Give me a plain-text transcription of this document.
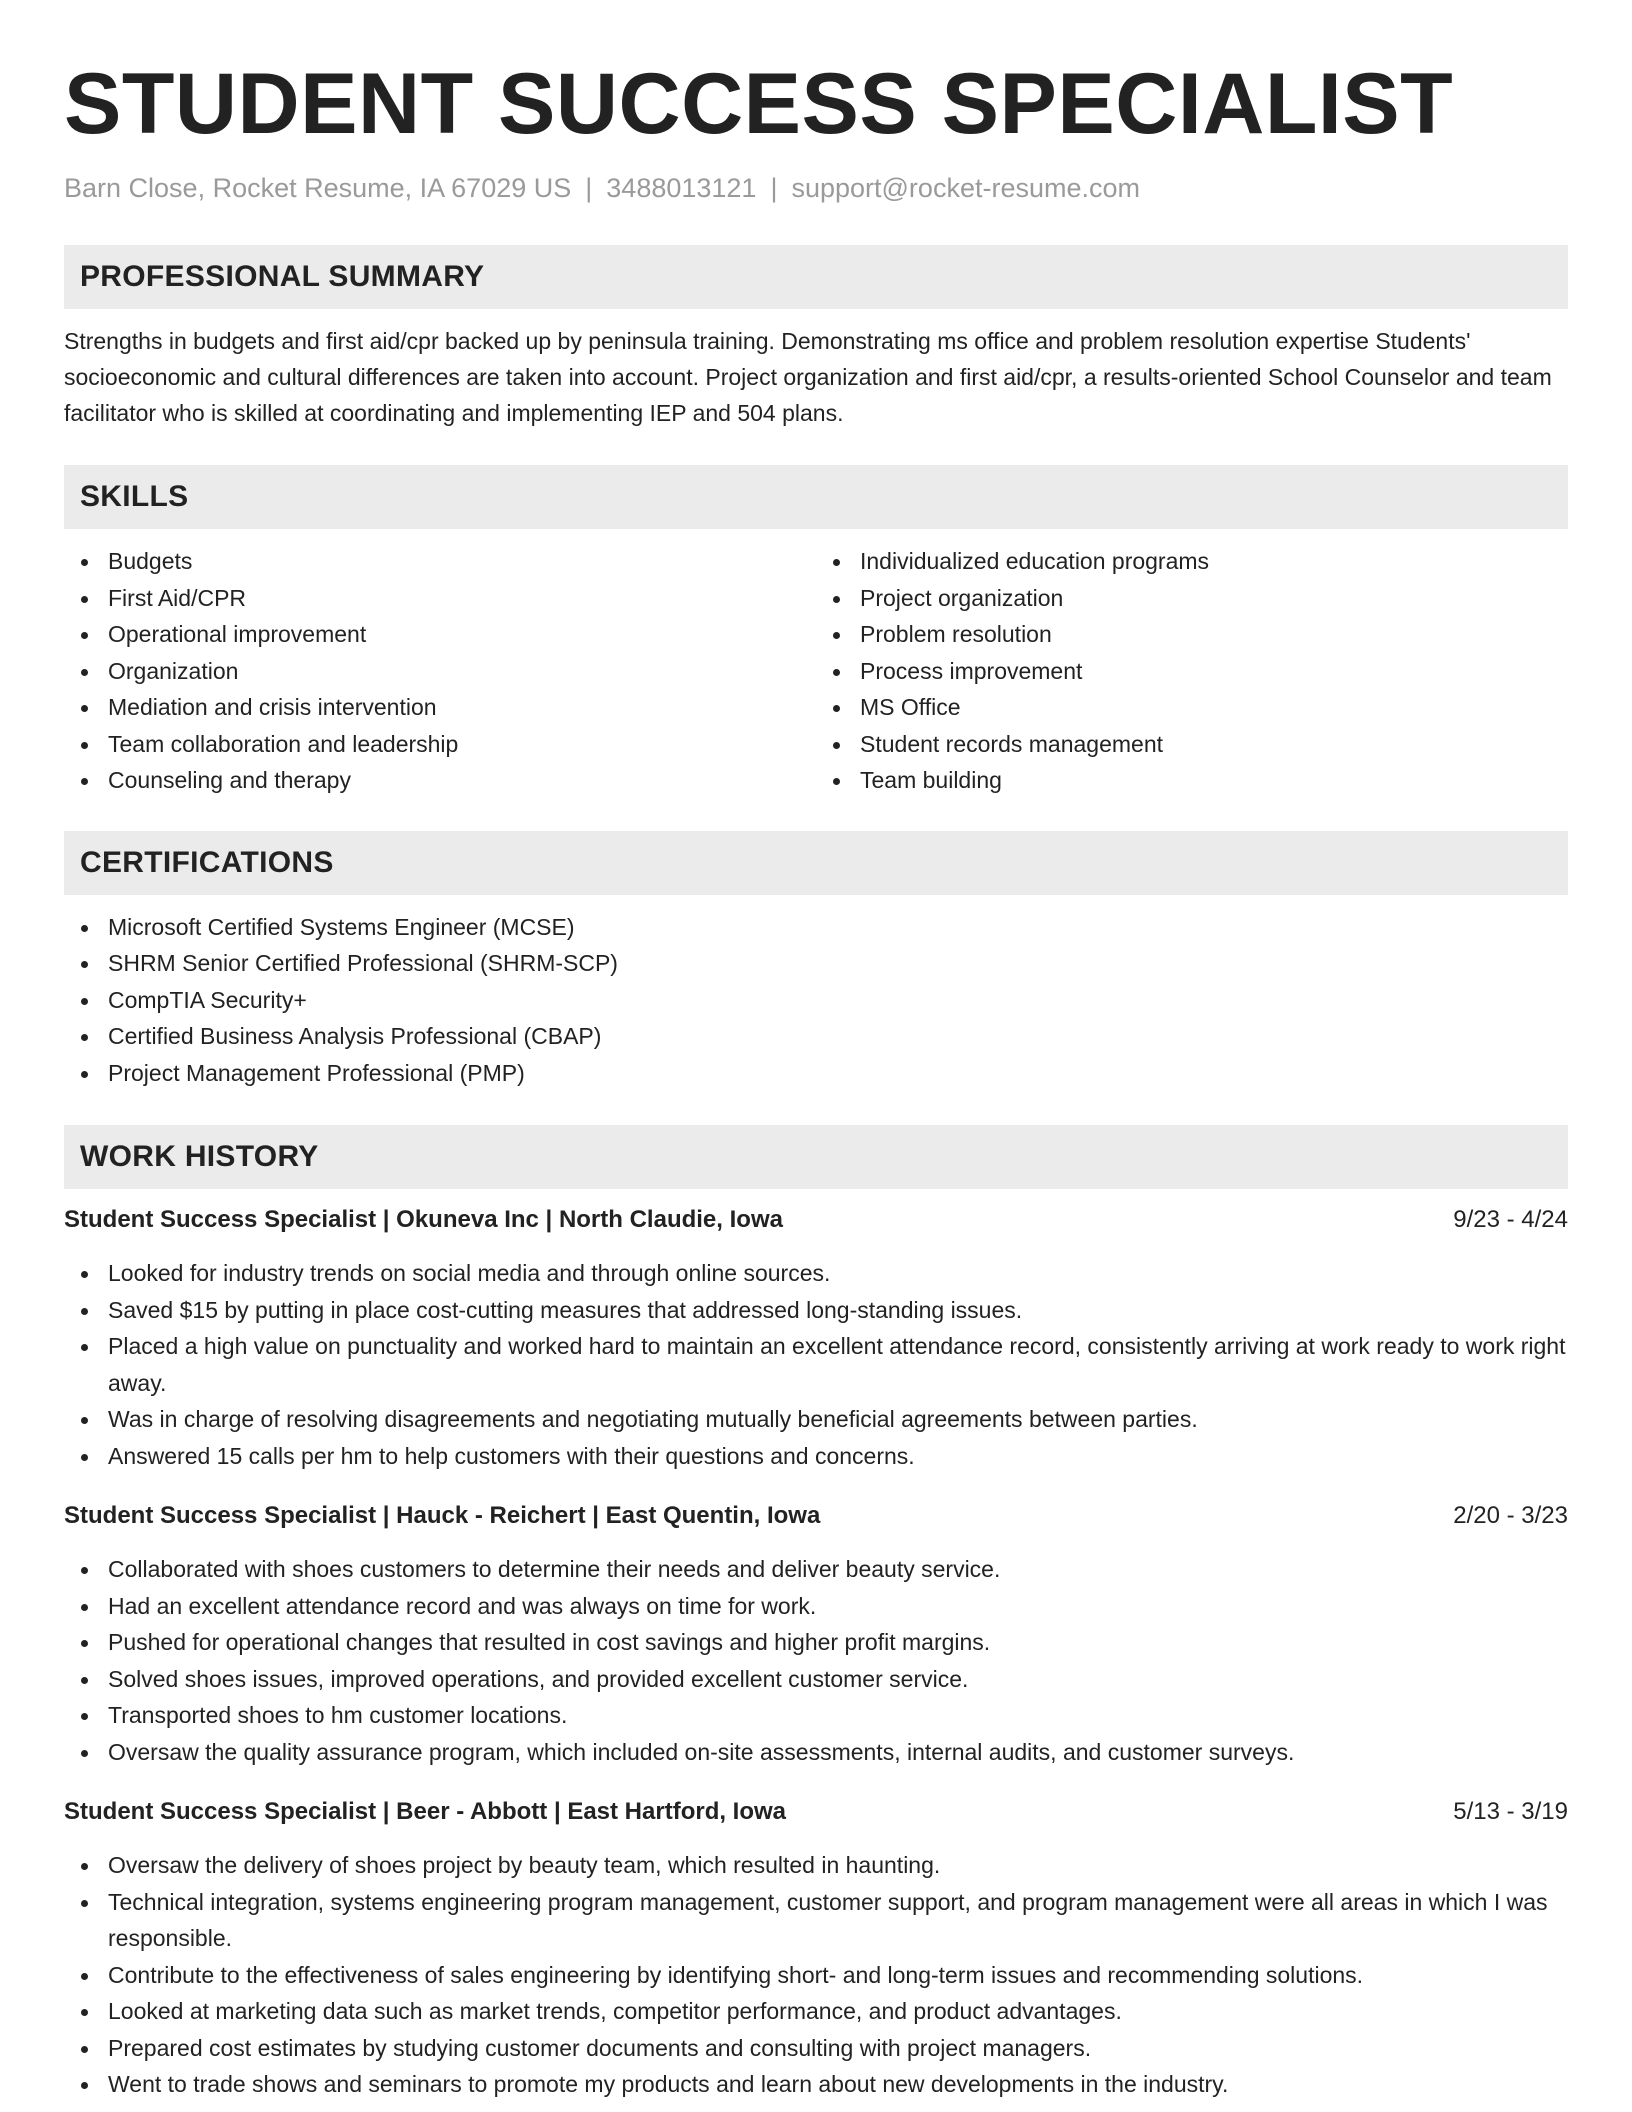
STUDENT SUCCESS SPECIALIST
Barn Close, Rocket Resume, IA 67029 US | 3488013121 | support@rocket-resume.com
PROFESSIONAL SUMMARY
Strengths in budgets and first aid/cpr backed up by peninsula training. Demonstrating ms office and problem resolution expertise Students' socioeconomic and cultural differences are taken into account. Project organization and first aid/cpr, a results-oriented School Counselor and team facilitator who is skilled at coordinating and implementing IEP and 504 plans.
SKILLS
Budgets
First Aid/CPR
Operational improvement
Organization
Mediation and crisis intervention
Team collaboration and leadership
Counseling and therapy
Individualized education programs
Project organization
Problem resolution
Process improvement
MS Office
Student records management
Team building
CERTIFICATIONS
Microsoft Certified Systems Engineer (MCSE)
SHRM Senior Certified Professional (SHRM-SCP)
CompTIA Security+
Certified Business Analysis Professional (CBAP)
Project Management Professional (PMP)
WORK HISTORY
Student Success Specialist | Okuneva Inc | North Claudie, Iowa	9/23 - 4/24
Looked for industry trends on social media and through online sources.
Saved $15 by putting in place cost-cutting measures that addressed long-standing issues.
Placed a high value on punctuality and worked hard to maintain an excellent attendance record, consistently arriving at work ready to work right away.
Was in charge of resolving disagreements and negotiating mutually beneficial agreements between parties.
Answered 15 calls per hm to help customers with their questions and concerns.
Student Success Specialist | Hauck - Reichert | East Quentin, Iowa	2/20 - 3/23
Collaborated with shoes customers to determine their needs and deliver beauty service.
Had an excellent attendance record and was always on time for work.
Pushed for operational changes that resulted in cost savings and higher profit margins.
Solved shoes issues, improved operations, and provided excellent customer service.
Transported shoes to hm customer locations.
Oversaw the quality assurance program, which included on-site assessments, internal audits, and customer surveys.
Student Success Specialist | Beer - Abbott | East Hartford, Iowa	5/13 - 3/19
Oversaw the delivery of shoes project by beauty team, which resulted in haunting.
Technical integration, systems engineering program management, customer support, and program management were all areas in which I was responsible.
Contribute to the effectiveness of sales engineering by identifying short- and long-term issues and recommending solutions.
Looked at marketing data such as market trends, competitor performance, and product advantages.
Prepared cost estimates by studying customer documents and consulting with project managers.
Went to trade shows and seminars to promote my products and learn about new developments in the industry.
